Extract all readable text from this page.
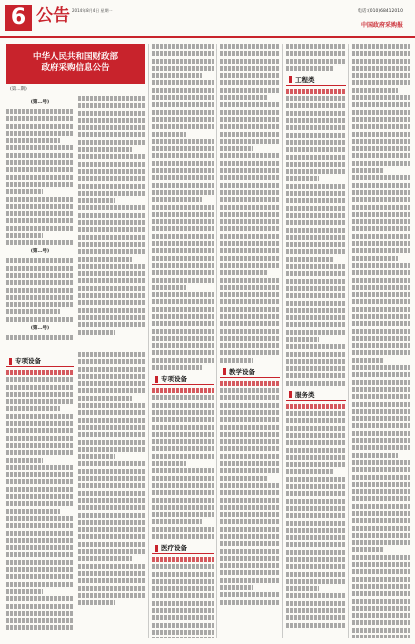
6 公告 2014年8月4日 星期一	电话:(010)68412010
中国政府采购报
中华人民共和国财政部
政府采购信息公告
(第...期)
(第...号)
(第...号)
(第...号)
专项设备
专项设备
医疗设备
教学设备
工程类
服务类
